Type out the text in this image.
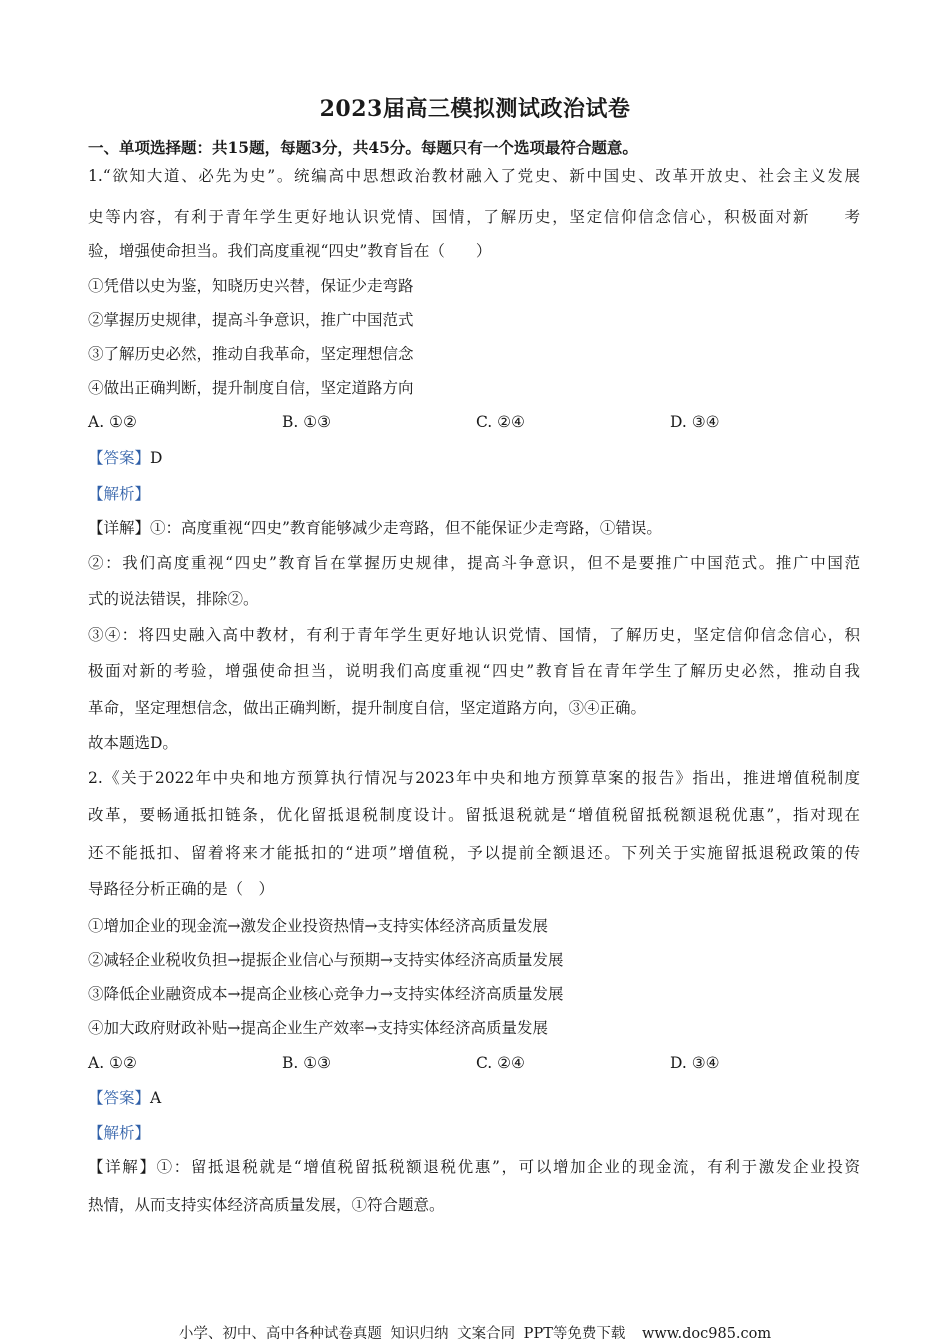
2023届高三模拟测试政治试卷
一、单项选择题：共15题，每题3分，共45分。每题只有一个选项最符合题意。
1.“欲知大道、必先为史”。统编高中思想政治教材融入了党史、新中国史、改革开放史、社会主义发展
史等内容，有利于青年学生更好地认识党情、国情，了解历史，坚定信仰信念信心，积极面对新　　考
验，增强使命担当。我们高度重视“四史”教育旨在（　　）
①凭借以史为鉴，知晓历史兴替，保证少走弯路
②掌握历史规律，提高斗争意识，推广中国范式
③了解历史必然，推动自我革命，坚定理想信念
④做出正确判断，提升制度自信，坚定道路方向
A. ①②	B. ①③	C. ②④	D. ③④
【答案】D
【解析】
【详解】①：高度重视“四史”教育能够减少走弯路，但不能保证少走弯路，①错误。
②：我们高度重视“四史”教育旨在掌握历史规律，提高斗争意识，但不是要推广中国范式。推广中国范
式的说法错误，排除②。
③④：将四史融入高中教材，有利于青年学生更好地认识党情、国情，了解历史，坚定信仰信念信心，积
极面对新的考验，增强使命担当，说明我们高度重视“四史”教育旨在青年学生了解历史必然，推动自我
革命，坚定理想信念，做出正确判断，提升制度自信，坚定道路方向，③④正确。
故本题选D。
2.《关于2022年中央和地方预算执行情况与2023年中央和地方预算草案的报告》指出，推进增值税制度
改革，要畅通抵扣链条，优化留抵退税制度设计。留抵退税就是“增值税留抵税额退税优惠”，指对现在
还不能抵扣、留着将来才能抵扣的“进项”增值税，予以提前全额退还。下列关于实施留抵退税政策的传
导路径分析正确的是（　）
①增加企业的现金流→激发企业投资热情→支持实体经济高质量发展
②减轻企业税收负担→提振企业信心与预期→支持实体经济高质量发展
③降低企业融资成本→提高企业核心竞争力→支持实体经济高质量发展
④加大政府财政补贴→提高企业生产效率→支持实体经济高质量发展
A. ①②	B. ①③	C. ②④	D. ③④
【答案】A
【解析】
【详解】①：留抵退税就是“增值税留抵税额退税优惠”，可以增加企业的现金流，有利于激发企业投资
热情，从而支持实体经济高质量发展，①符合题意。
小学、初中、高中各种试卷真题 知识归纳 文案合同 PPT等免费下载 www.doc985.com
